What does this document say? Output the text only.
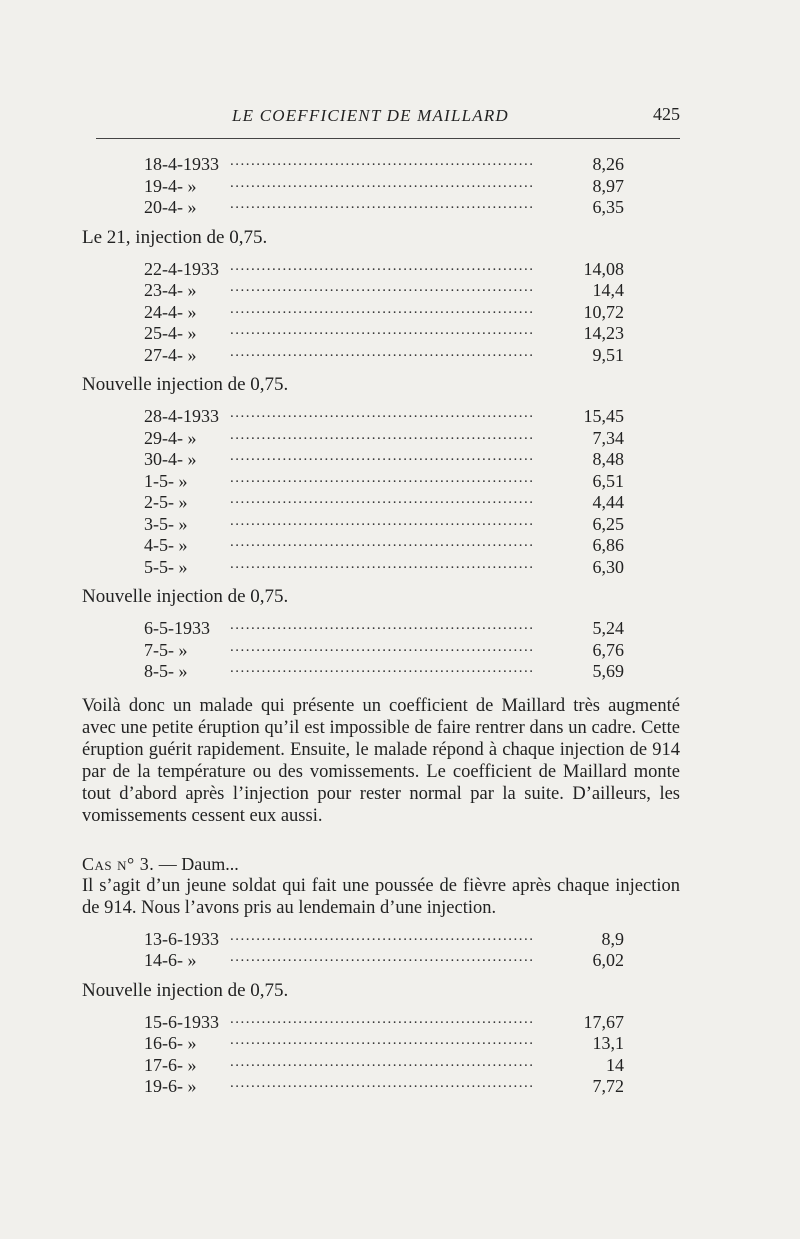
LE COEFFICIENT DE MAILLARD	425
18-4-1933 ..........................................................	8,26
19-4- »	..........................................................	8,97
20-4- »	..........................................................	6,35

Le 21, injection de 0,75.

22-4-1933 ..........................................................	14,08
23-4- »	..........................................................	14,4
24-4- »	..........................................................	10,72
25-4- »	..........................................................	14,23
27-4- »	..........................................................	9,51

Nouvelle injection de 0,75.

28-4-1933 ..........................................................	15,45
29-4- »	..........................................................	7,34
30-4- »	..........................................................	8,48
1-5- »	..........................................................	6,51
2-5- »	..........................................................	4,44
3-5- »	..........................................................	6,25
4-5- »	..........................................................	6,86
5-5- »	..........................................................	6,30

Nouvelle injection de 0,75.

6-5-1933	..........................................................	5,24
7-5- »	..........................................................	6,76
8-5- »	..........................................................	5,69

Voilà donc un malade qui présente un coefficient de Maillard très augmenté avec une petite éruption qu’il est impossible de faire rentrer dans un cadre. Cette éruption guérit rapidement. Ensuite, le malade répond à chaque injection de 914 par de la température ou des vomissements. Le coefficient de Maillard monte tout d’abord après l’injection pour rester normal par la suite. D’ailleurs, les vomissements cessent eux aussi.

Cas n° 3. — Daum...

Il s’agit d’un jeune soldat qui fait une poussée de fièvre après chaque injection de 914. Nous l’avons pris au lendemain d’une injection.

13-6-1933 ..........................................................	8,9
14-6- »	..........................................................	6,02

Nouvelle injection de 0,75.

15-6-1933 ..........................................................	17,67
16-6- »	..........................................................	13,1
17-6- »	..........................................................	14
19-6- »	..........................................................	7,72
